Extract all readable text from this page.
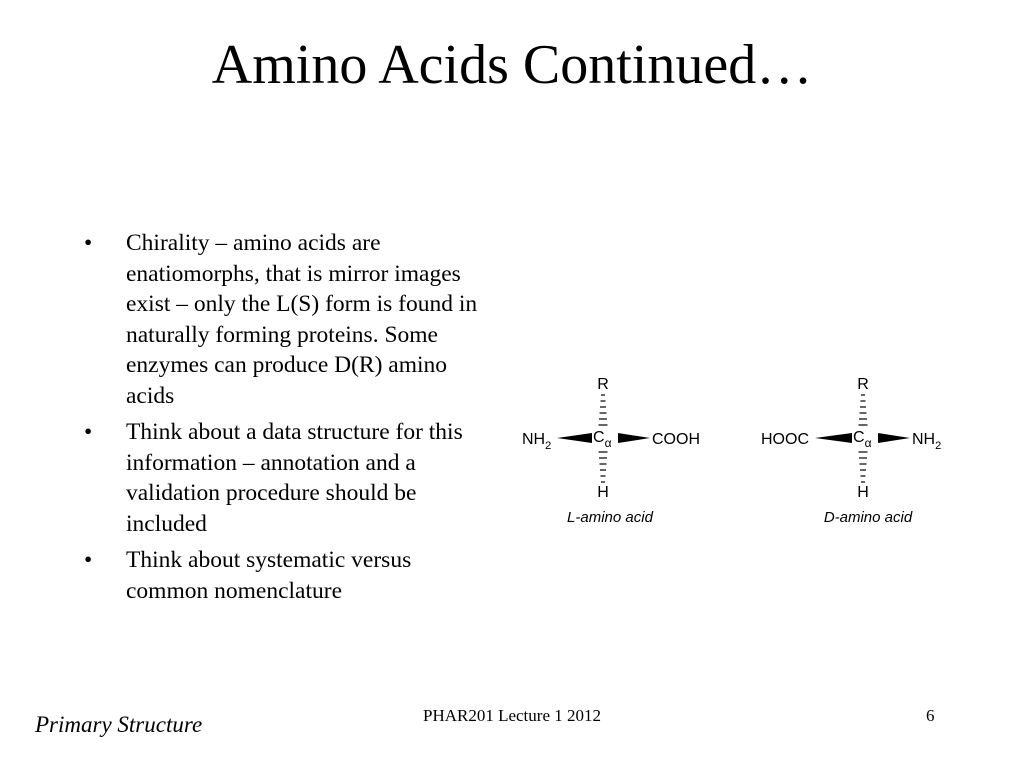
Amino Acids Continued…
• Chirality – amino acids are enatiomorphs, that is mirror images exist – only the L(S) form is found in naturally forming proteins. Some enzymes can produce D(R) amino acids
• Think about a data structure for this information – annotation and a validation procedure should be included
• Think about systematic versus common nomenclature
R
$NH_2$	$C_\alpha$	COOH
H
L-amino acid
R
HOOC	$C_\alpha$	$NH_2$
H
D-amino acid
Primary Structure	PHAR201 Lecture 1 2012	6
